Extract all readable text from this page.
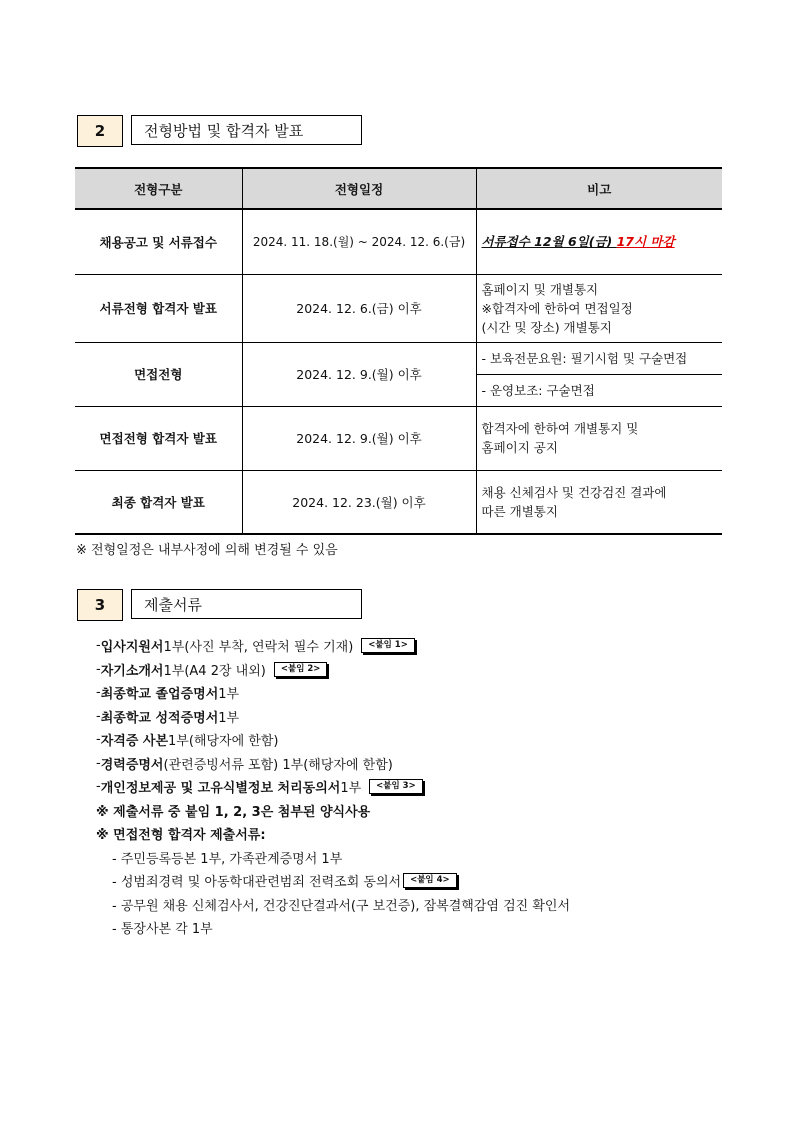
2	전형방법 및 합격자 발표
전형구분	전형일정	비고
채용공고 및 서류접수	2024. 11. 18.(월) ~ 2024. 12. 6.(금)	서류접수 12월 6일(금) 17시 마감
서류전형 합격자 발표	2024. 12. 6.(금) 이후	홈페이지 및 개별통지
※합격자에 한하여 면접일정
(시간 및 장소) 개별통지

면접전형	2024. 12. 9.(월) 이후	- 보육전문요원: 필기시험 및 구술면접
		- 운영보조: 구술면접
면접전형 합격자 발표	2024. 12. 9.(월) 이후	합격자에 한하여 개별통지 및
홈페이지 공지

최종 합격자 발표	2024. 12. 23.(월) 이후	채용 신체검사 및 건강검진 결과에
따른 개별통지
※ 전형일정은 내부사정에 의해 변경될 수 있음
3	제출서류
- 입사지원서 1부(사진 부착, 연락처 필수 기재)	<붙임 1>
- 자기소개서 1부(A4 2장 내외)	<붙임 2>
- 최종학교 졸업증명서 1부
- 최종학교 성적증명서 1부
- 자격증 사본 1부(해당자에 한함)
- 경력증명서 (관련증빙서류 포함) 1부(해당자에 한함)
- 개인정보제공 및 고유식별정보 처리동의서 1부	<붙임 3>
※ 제출서류 중 붙임 1, 2, 3은 첨부된 양식사용
※ 면접전형 합격자 제출서류:
- 주민등록등본 1부, 가족관계증명서 1부
- 성범죄경력 및 아동학대관련범죄 전력조회 동의서	<붙임 4>
- 공무원 채용 신체검사서, 건강진단결과서(구 보건증), 잠복결핵감염 검진 확인서
- 통장사본 각 1부
